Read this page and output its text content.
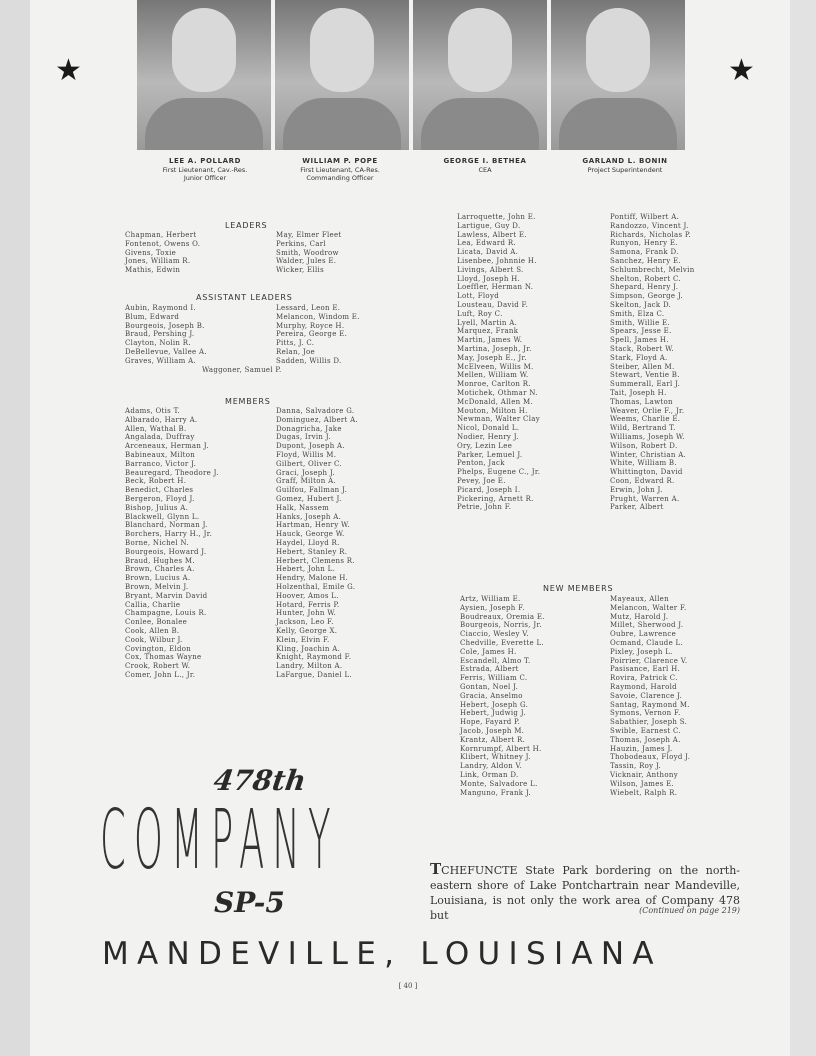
★	★
LEE A. POLLARD
First Lieutenant, Cav.-Res.
Junior Officer
WILLIAM P. POPE
First Lieutenant, CA-Res.
Commanding Officer
GEORGE I. BETHEA
CEA
GARLAND L. BONIN
Project Superintendent
LEADERS
Chapman, Herbert
Fontenot, Owens O.
Givens, Toxie
Jones, William R.
Mathis, Edwin
May, Elmer Fleet
Perkins, Carl
Smith, Woodrow
Walder, Jules E.
Wicker, Ellis
ASSISTANT LEADERS
Aubin, Raymond I.
Blum, Edward
Bourgeois, Joseph B.
Braud, Pershing J.
Clayton, Nolin R.
DeBellevue, Vallee A.
Graves, William A.
Lessard, Leon E.
Melancon, Windom E.
Murphy, Royce H.
Pereira, George E.
Pitts, J. C.
Relan, Joe
Sadden, Willis D.
Waggoner, Samuel P.
MEMBERS
Adams, Otis T.
Albarado, Harry A.
Allen, Wathal B.
Angalada, Duffray
Arceneaux, Herman J.
Babineaux, Milton
Barranco, Victor J.
Beauregard, Theodore J.
Beck, Robert H.
Benedict, Charles
Bergeron, Floyd J.
Bishop, Julius A.
Blackwell, Glynn L.
Blanchard, Norman J.
Borchers, Harry H., Jr.
Borne, Nichel N.
Bourgeois, Howard J.
Braud, Hughes M.
Brown, Charles A.
Brown, Lucius A.
Brown, Melvin J.
Bryant, Marvin David
Callia, Charlie
Champagne, Louis R.
Conlee, Bonalee
Cook, Allen B.
Cook, Wilbur J.
Covington, Eldon
Cox, Thomas Wayne
Crook, Robert W.
Comer, John L., Jr.
Danna, Salvadore G.
Dominguez, Albert A.
Donagricha, Jake
Dugas, Irvin J.
Dupont, Joseph A.
Floyd, Willis M.
Gilbert, Oliver C.
Graci, Joseph J.
Graff, Milton A.
Guilfou, Fallman J.
Gomez, Hubert J.
Halk, Nassem
Hanks, Joseph A.
Hartman, Henry W.
Hauck, George W.
Haydel, Lloyd R.
Hebert, Stanley R.
Herbert, Clemens R.
Hebert, John L.
Hendry, Malone H.
Holzenthal, Emile G.
Hoover, Amos L.
Hotard, Ferris P.
Hunter, John W.
Jackson, Leo F.
Kelly, George X.
Klein, Elvin F.
Kling, Joachin A.
Knight, Raymond F.
Landry, Milton A.
LaFargue, Daniel L.
Larroquette, John E.
Lartigue, Guy D.
Lawless, Albert E.
Lea, Edward R.
Licata, David A.
Lisenbee, Johnnie H.
Livings, Albert S.
Lloyd, Joseph H.
Loeffler, Herman N.
Lott, Floyd
Lousteau, David F.
Luft, Roy C.
Lyell, Martin A.
Marquez, Frank
Martin, James W.
Martina, Joseph, Jr.
May, Joseph E., Jr.
McElveen, Willis M.
Mellen, William W.
Monroe, Carlton R.
Motichek, Othmar N.
McDonald, Allen M.
Mouton, Milton H.
Newman, Walter Clay
Nicol, Donald L.
Nodier, Henry J.
Ory, Lezin Lee
Parker, Lemuel J.
Penton, Jack
Phelps, Eugene C., Jr.
Pevey, Joe E.
Picard, Joseph I.
Pickering, Arnett R.
Petrie, John F.
Pontiff, Wilbert A.
Randozzo, Vincent J.
Richards, Nicholas P.
Runyon, Henry E.
Samona, Frank D.
Sanchez, Henry E.
Schlumbrecht, Melvin
Shelton, Robert C.
Shepard, Henry J.
Simpson, George J.
Skelton, Jack D.
Smith, Elza C.
Smith, Willie E.
Spears, Jesse E.
Spell, James H.
Stack, Robert W.
Stark, Floyd A.
Steiber, Allen M.
Stewart, Ventie B.
Summerall, Earl J.
Tait, Joseph H.
Thomas, Lawton
Weaver, Orlie F., Jr.
Weems, Charlie E.
Wild, Bertrand T.
Williams, Joseph W.
Wilson, Robert D.
Winter, Christian A.
White, William B.
Whittington, David
Coon, Edward R.
Erwin, John J.
Prught, Warren A.
Parker, Albert
NEW MEMBERS
Artz, William E.
Aysien, Joseph F.
Boudreaux, Oremia E.
Bourgeois, Norris, Jr.
Ciaccio, Wesley V.
Chedville, Everette L.
Cole, James H.
Escandell, Almo T.
Estrada, Albert
Ferris, William C.
Gontan, Noel J.
Gracia, Anselmo
Hebert, Joseph G.
Hebert, Judwig J.
Hope, Fayard P.
Jacob, Joseph M.
Krantz, Albert R.
Kornrumpf, Albert H.
Klibert, Whitney J.
Landry, Aldon V.
Link, Orman D.
Monte, Salvadore L.
Manguno, Frank J.
Mayeaux, Allen
Melancon, Walter F.
Mutz, Harold J.
Millet, Sherwood J.
Oubre, Lawrence
Ocmand, Claude L.
Pixley, Joseph L.
Poirrier, Clarence V.
Pasisance, Earl H.
Rovira, Patrick C.
Raymond, Harold
Savoie, Clarence J.
Santag, Raymond M.
Symons, Vernon F.
Sabathier, Joseph S.
Swible, Earnest C.
Thomas, Joseph A.
Hauzin, James J.
Thobodeaux, Floyd J.
Tassin, Roy J.
Vicknair, Anthony
Wilson, James E.
Wiebelt, Ralph R.
478th
COMPANY
SP-5
MANDEVILLE, LOUISIANA
TCHEFUNCTE State Park bordering on the north-eastern shore of Lake Pontchartrain near Mandeville, Louisiana, is not only the work area of Company 478 but	(Continued on page 219)
[ 40 ]
